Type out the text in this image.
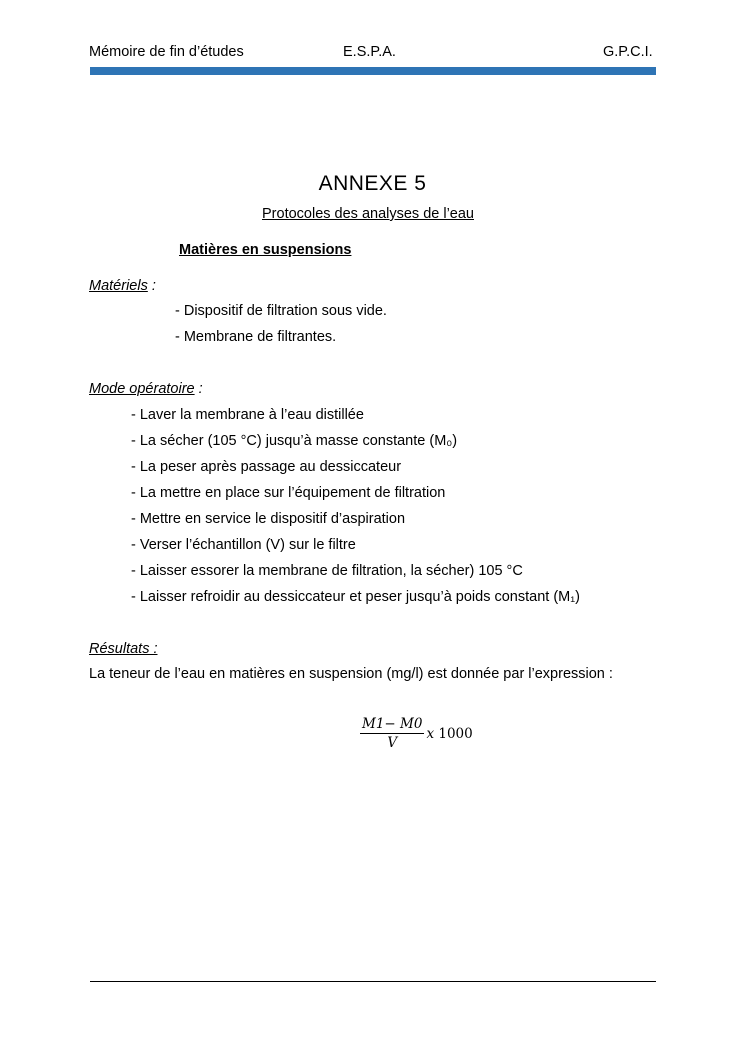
Mémoire de fin d’études	E.S.P.A.	G.P.C.I.
ANNEXE 5
Protocoles des analyses de l’eau
Matières en suspensions
Matériels :
- Dispositif de filtration sous vide.
- Membrane de filtrantes.
Mode opératoire :
- Laver la membrane à l’eau distillée
- La sécher (105 °C) jusqu’à masse constante (M₀)
- La peser après passage au dessiccateur
- La mettre en place sur l’équipement de filtration
- Mettre en service le dispositif d’aspiration
- Verser l’échantillon (V) sur le filtre
- Laisser essorer la membrane de filtration, la sécher) 105 °C
- Laisser refroidir au dessiccateur et peser jusqu’à poids constant (M₁)
Résultats :
La teneur de l’eau en matières en suspension (mg/l) est donnée par l’expression :
$\frac{M1- M0}{V}$ x 1000
